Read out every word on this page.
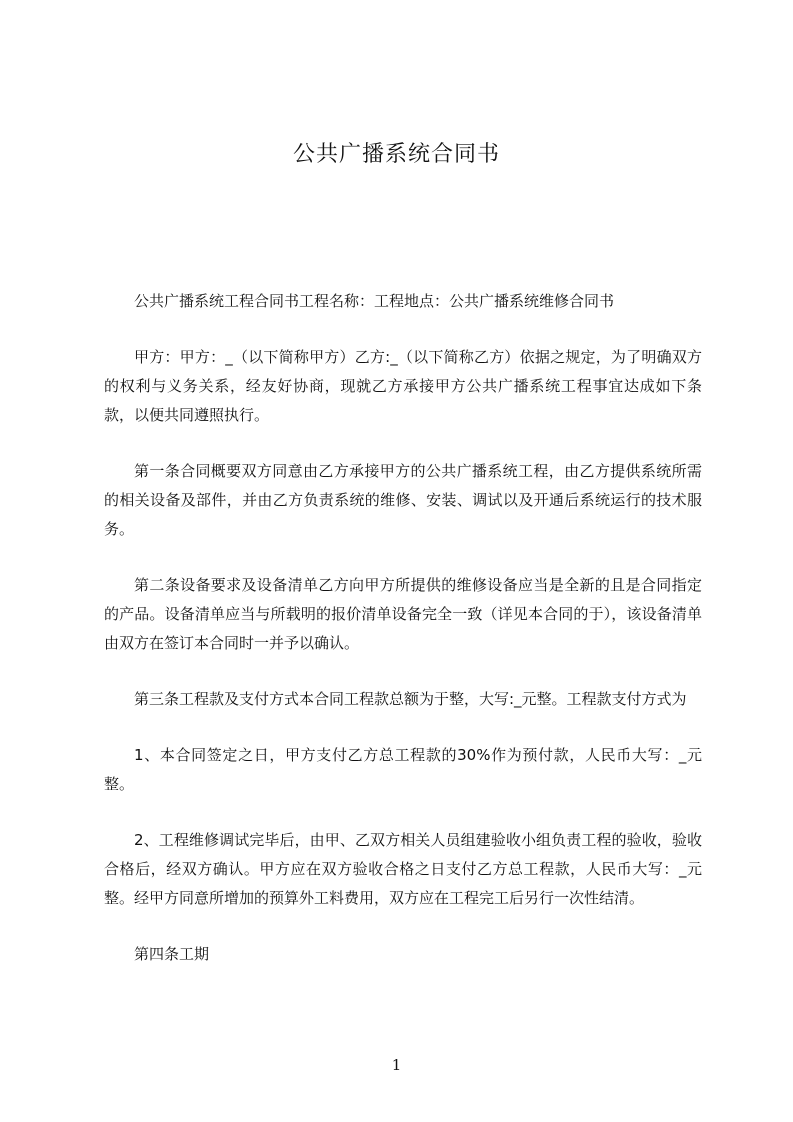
公共广播系统合同书

公共广播系统工程合同书工程名称：工程地点：公共广播系统维修合同书

甲方：甲方：_（以下简称甲方）乙方:_（以下简称乙方）依据之规定，为了明确双方的权利与义务关系，经友好协商，现就乙方承接甲方公共广播系统工程事宜达成如下条款，以便共同遵照执行。

第一条合同概要双方同意由乙方承接甲方的公共广播系统工程，由乙方提供系统所需的相关设备及部件，并由乙方负责系统的维修、安装、调试以及开通后系统运行的技术服务。

第二条设备要求及设备清单乙方向甲方所提供的维修设备应当是全新的且是合同指定的产品。设备清单应当与所载明的报价清单设备完全一致（详见本合同的于），该设备清单由双方在签订本合同时一并予以确认。

第三条工程款及支付方式本合同工程款总额为于整，大写:_元整。工程款支付方式为

1、本合同签定之日，甲方支付乙方总工程款的30%作为预付款，人民币大写：_元整。

2、工程维修调试完毕后，由甲、乙双方相关人员组建验收小组负责工程的验收，验收合格后，经双方确认。甲方应在双方验收合格之日支付乙方总工程款，人民币大写：_元整。经甲方同意所增加的预算外工料费用，双方应在工程完工后另行一次性结清。

第四条工期

1
